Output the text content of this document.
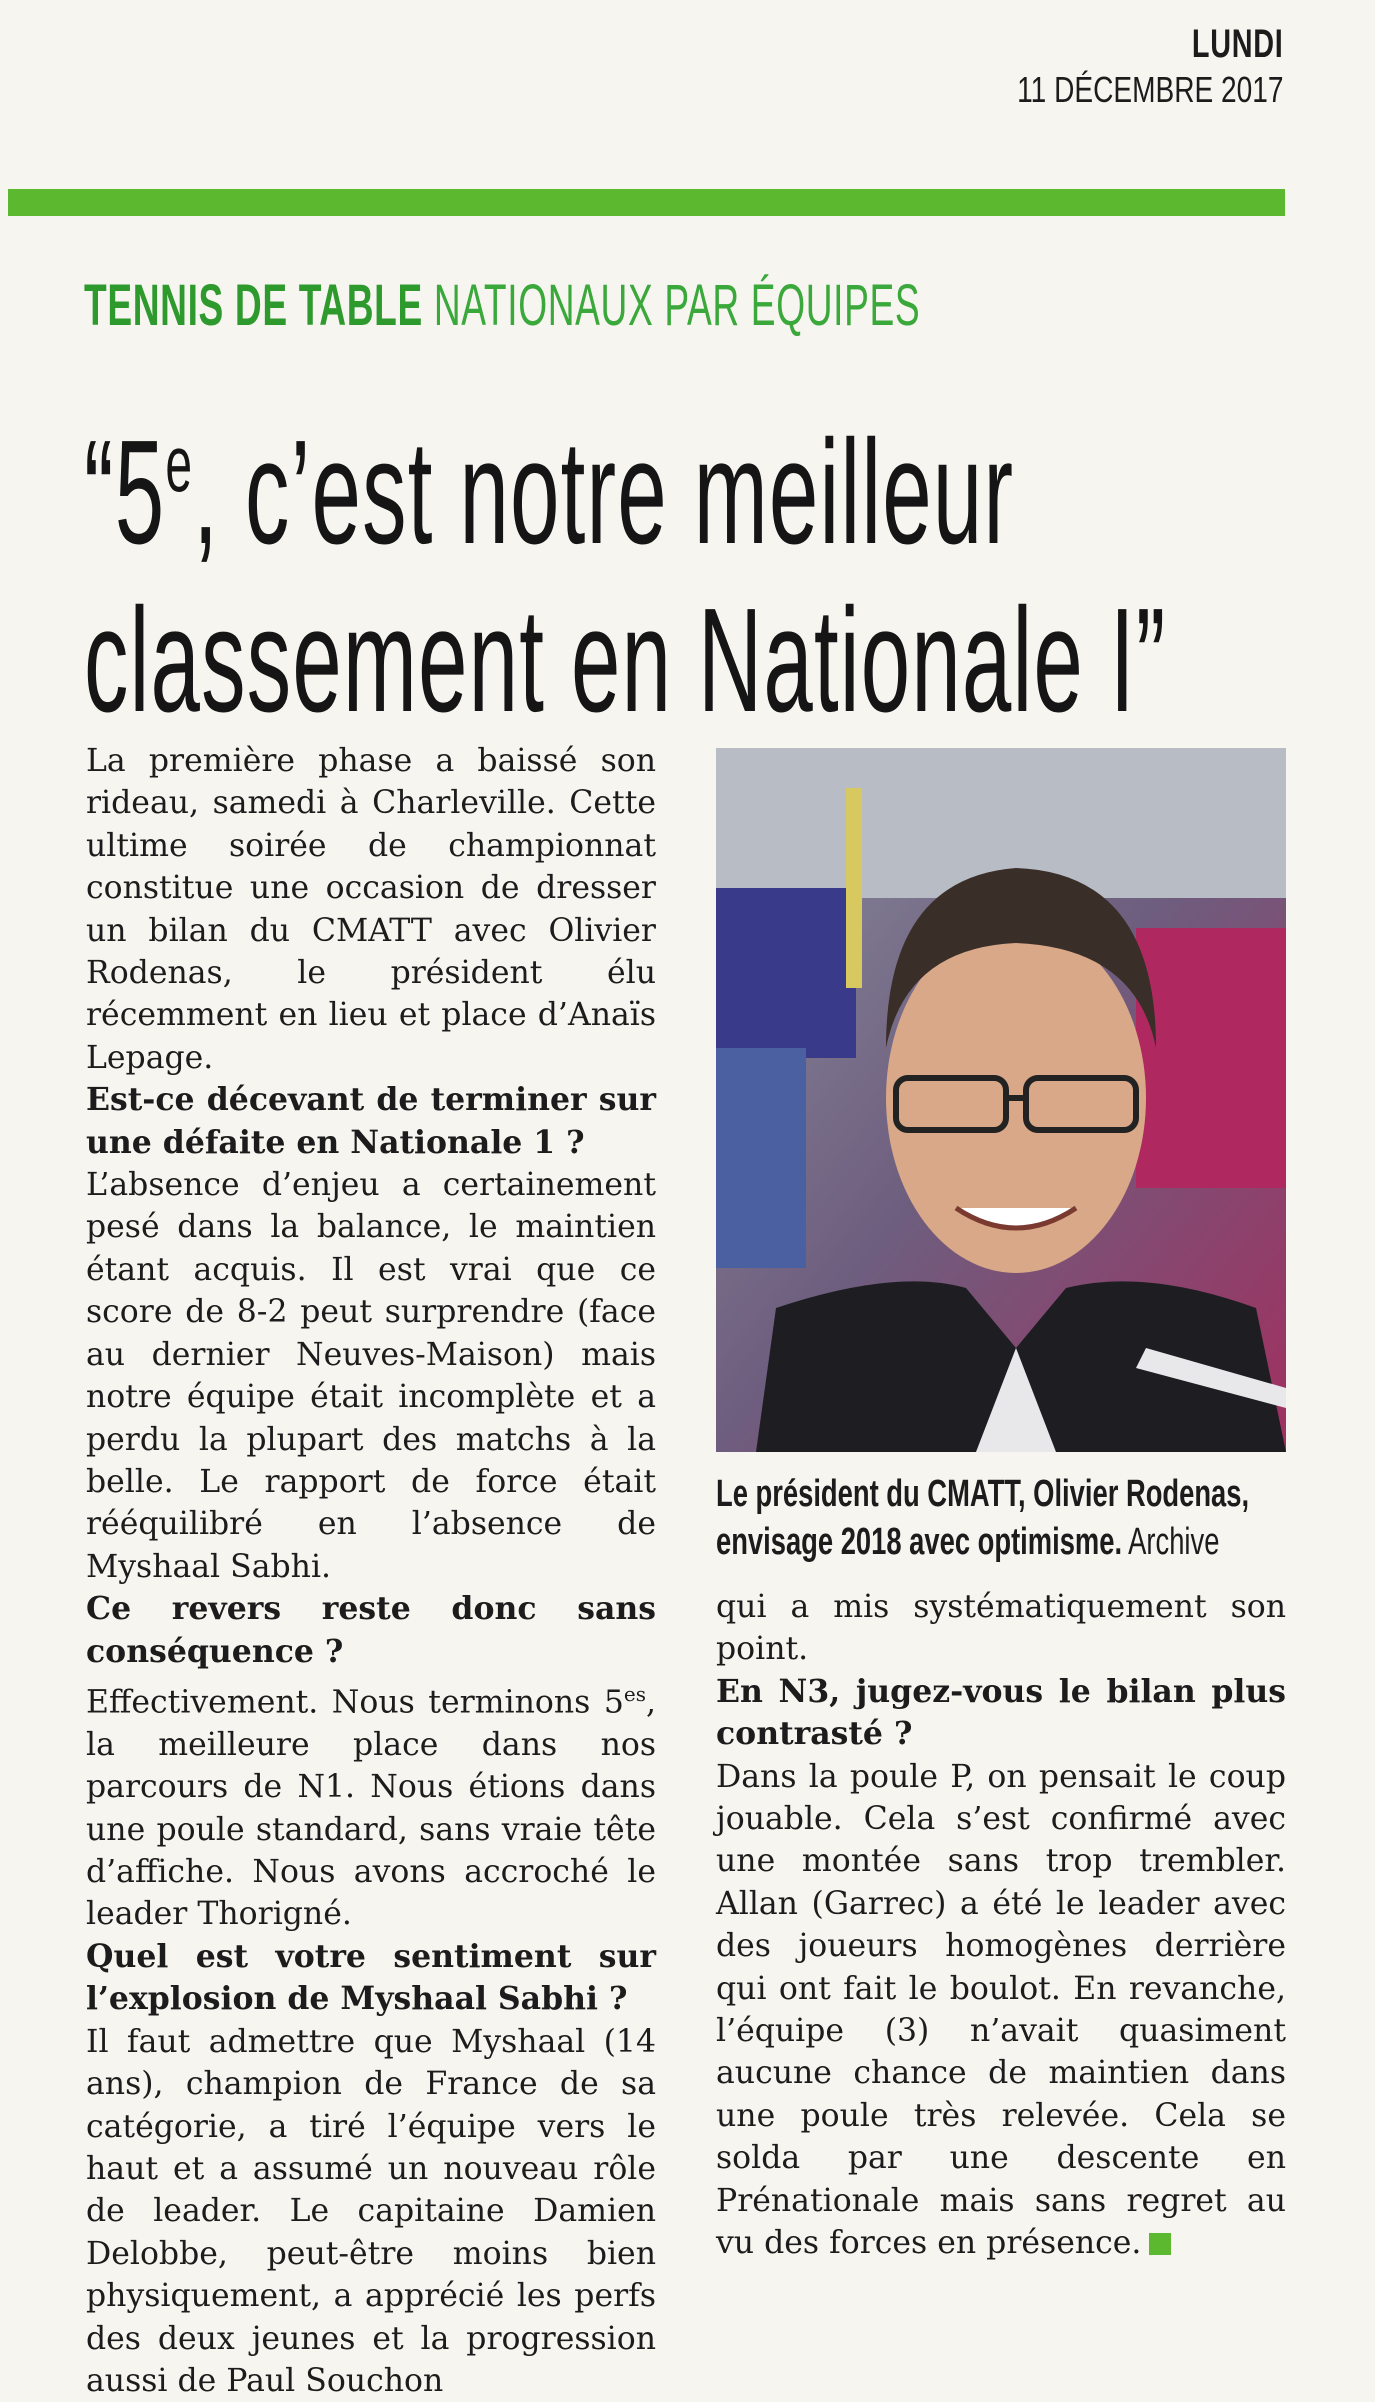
LUNDI
11 DÉCEMBRE 2017
TENNIS DE TABLE NATIONAUX PAR ÉQUIPES
“5e, c’est notre meilleur
classement en Nationale I”

La première phase a baissé son rideau, samedi à Charleville. Cette ultime soirée de championnat constitue une occasion de dresser un bilan du CMATT avec Olivier Rodenas, le président élu récemment en lieu et place d’Anaïs Lepage.

Est-ce décevant de terminer sur une défaite en Nationale 1 ?

L’absence d’enjeu a certainement pesé dans la balance, le maintien étant acquis. Il est vrai que ce score de 8-2 peut surprendre (face au dernier Neuves-Maison) mais notre équipe était incomplète et a perdu la plupart des matchs à la belle. Le rapport de force était rééquilibré en l’absence de Myshaal Sabhi.

Ce revers reste donc sans conséquence ?

Effectivement. Nous terminons $5^{es}$, la meilleure place dans nos parcours de N1. Nous étions dans une poule standard, sans vraie tête d’affiche. Nous avons accroché le leader Thorigné.

Quel est votre sentiment sur l’explosion de Myshaal Sabhi ?

Il faut admettre que Myshaal (14 ans), champion de France de sa catégorie, a tiré l’équipe vers le haut et a assumé un nouveau rôle de leader. Le capitaine Damien Delobbe, peut-être moins bien physiquement, a apprécié les perfs des deux jeunes et la progression aussi de Paul Souchon

Le président du CMATT, Olivier Rodenas,
envisage 2018 avec optimisme. Archive

qui a mis systématiquement son point.

En N3, jugez-vous le bilan plus contrasté ?

Dans la poule P, on pensait le coup jouable. Cela s’est confirmé avec une montée sans trop trembler. Allan (Garrec) a été le leader avec des joueurs homogènes derrière qui ont fait le boulot. En revanche, l’équipe (3) n’avait quasiment aucune chance de maintien dans une poule très relevée. Cela se solda par une descente en Prénationale mais sans regret au vu des forces en présence.
